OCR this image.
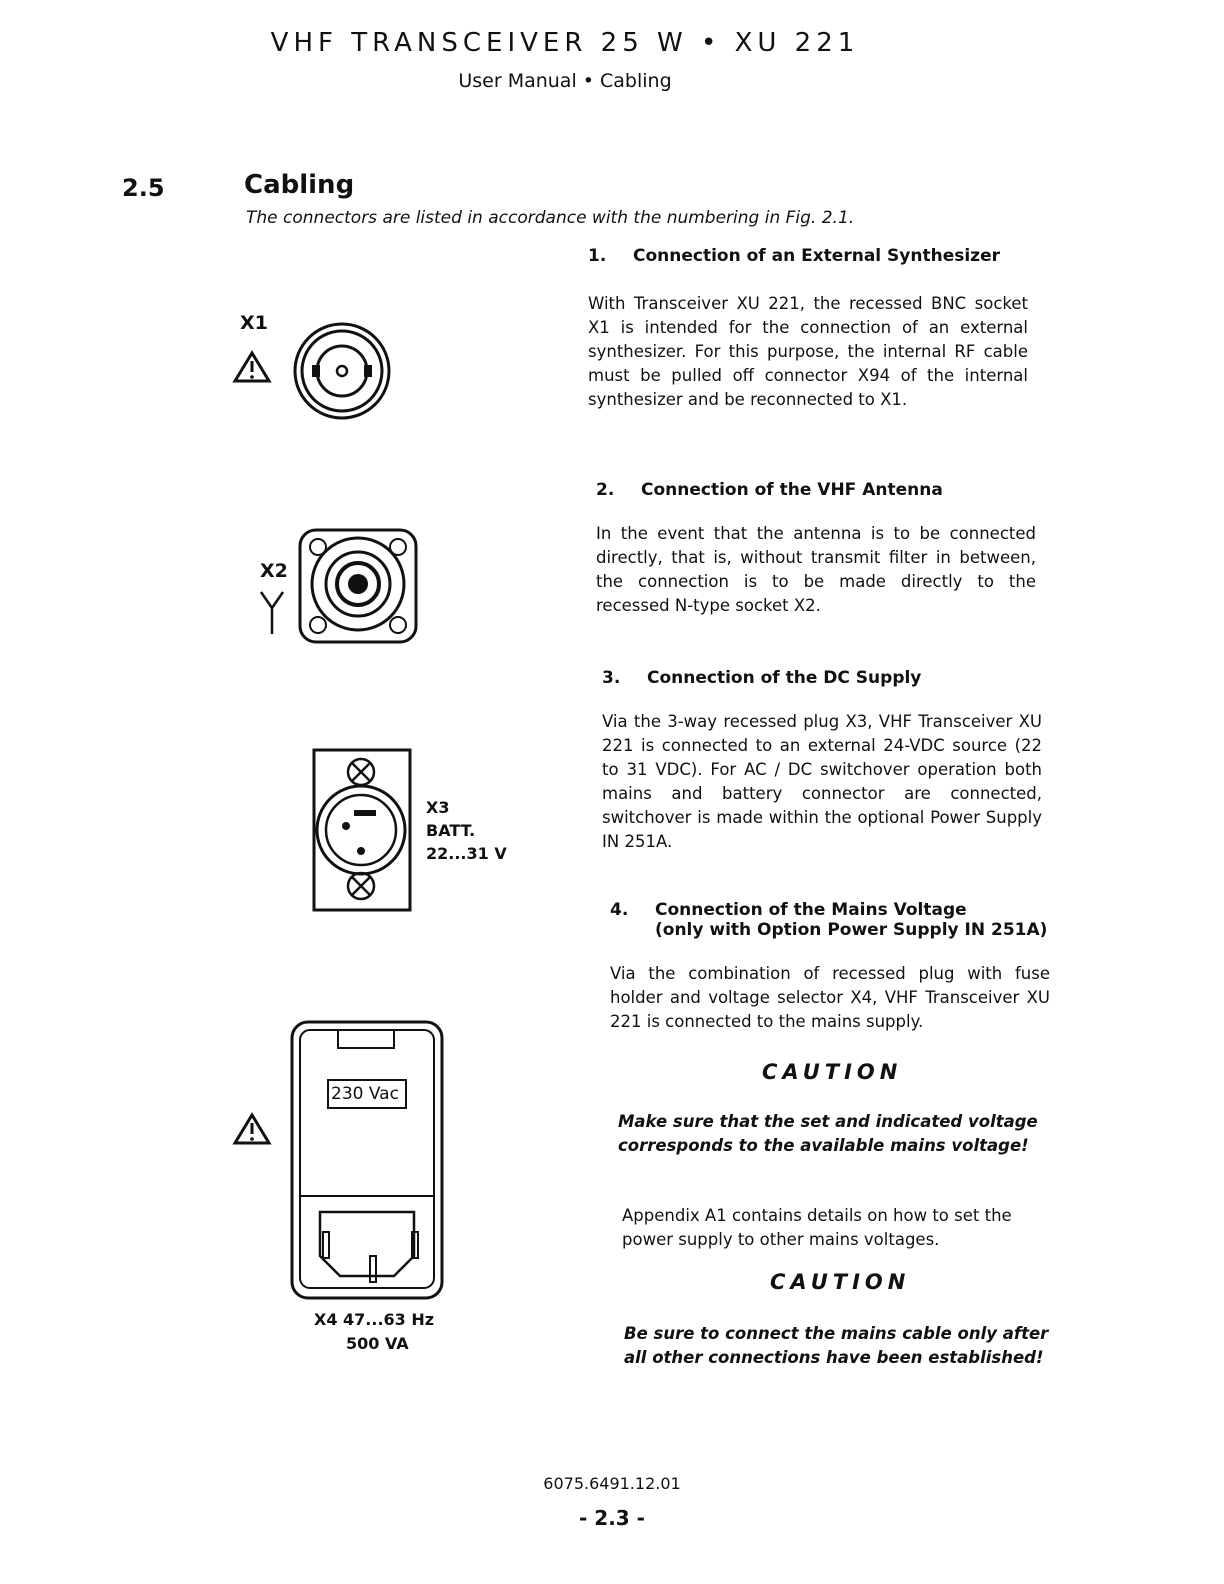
VHF TRANSCEIVER 25 W • XU 221
User Manual • Cabling
2.5	Cabling
The connectors are listed in accordance with the numbering in Fig. 2.1.
1.	Connection of an External Synthesizer
With Transceiver XU 221, the recessed BNC socket X1 is intended for the connection of an external synthesizer. For this purpose, the internal RF cable must be pulled off connector X94 of the internal synthesizer and be reconnected to X1.
2.	Connection of the VHF Antenna
In the event that the antenna is to be connected directly, that is, without transmit filter in between, the connection is to be made directly to the recessed N-type socket X2.
3.	Connection of the DC Supply
Via the 3-way recessed plug X3, VHF Transceiver XU 221 is connected to an external 24-VDC source (22 to 31 VDC). For AC / DC switchover operation both mains and battery connector are connected, switchover is made within the optional Power Supply IN 251A.
4.	Connection of the Mains Voltage
(only with Option Power Supply IN 251A)
Via the combination of recessed plug with fuse holder and voltage selector X4, VHF Transceiver XU 221 is connected to the mains supply.
CAUTION
Make sure that the set and indicated voltage corresponds to the available mains voltage!
Appendix A1 contains details on how to set the power supply to other mains voltages.
CAUTION
Be sure to connect the mains cable only after all other connections have been established!
X1
X2
X3
BATT.
22...31 V
230 Vac
X4 47...63 Hz
500 VA
6075.6491.12.01
- 2.3 -
